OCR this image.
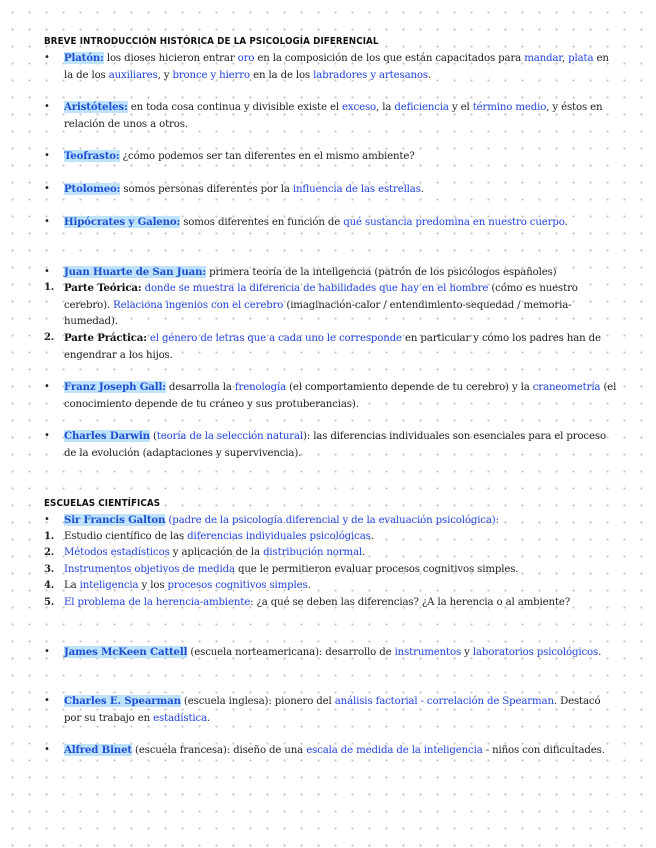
BREVE INTRODUCCIÓN HISTÓRICA DE LA PSICOLOGÍA DIFERENCIAL
•	Platón: los dioses hicieron entrar oro en la composición de los que están capacitados para mandar, plata en la de los auxiliares, y bronce y hierro en la de los labradores y artesanos.
•	Aristóteles: en toda cosa continua y divisible existe el exceso, la deficiencia y el término medio, y éstos en relación de unos a otros.
•	Teofrasto: ¿cómo podemos ser tan diferentes en el mismo ambiente?
•	Ptolomeo: somos personas diferentes por la influencia de las estrellas.
•	Hipócrates y Galeno: somos diferentes en función de qué sustancia predomina en nuestro cuerpo.
•	Juan Huarte de San Juan: primera teoría de la inteligencia (patrón de los psicólogos españoles)
1. Parte Teórica: donde se muestra la diferencia de habilidades que hay en el hombre (cómo es nuestro cerebro). Relaciona ingenios con el cerebro (imaginación-calor / entendimiento-sequedad / memoria-humedad).
2. Parte Práctica: el género de letras que a cada uno le corresponde en particular y cómo los padres han de engendrar a los hijos.
•	Franz Joseph Gall: desarrolla la frenología (el comportamiento depende de tu cerebro) y la craneometría (el conocimiento depende de tu cráneo y sus protuberancias).
•	Charles Darwin (teoría de la selección natural): las diferencias individuales son esenciales para el proceso de la evolución (adaptaciones y supervivencia).
ESCUELAS CIENTÍFICAS
•	Sir Francis Galton (padre de la psicología diferencial y de la evaluación psicológica):
1. Estudio científico de las diferencias individuales psicológicas.
2. Métodos estadísticos y aplicación de la distribución normal.
3. Instrumentos objetivos de medida que le permitieron evaluar procesos cognitivos simples.
4. La inteligencia y los procesos cognitivos simples.
5. El problema de la herencia-ambiente: ¿a qué se deben las diferencias? ¿A la herencia o al ambiente?
•	James McKeen Cattell (escuela norteamericana): desarrollo de instrumentos y laboratorios psicológicos.
•	Charles E. Spearman (escuela inglesa): pionero del análisis factorial - correlación de Spearman. Destacó por su trabajo en estadística.
•	Alfred Binet (escuela francesa): diseño de una escala de medida de la inteligencia - niños con dificultades.
